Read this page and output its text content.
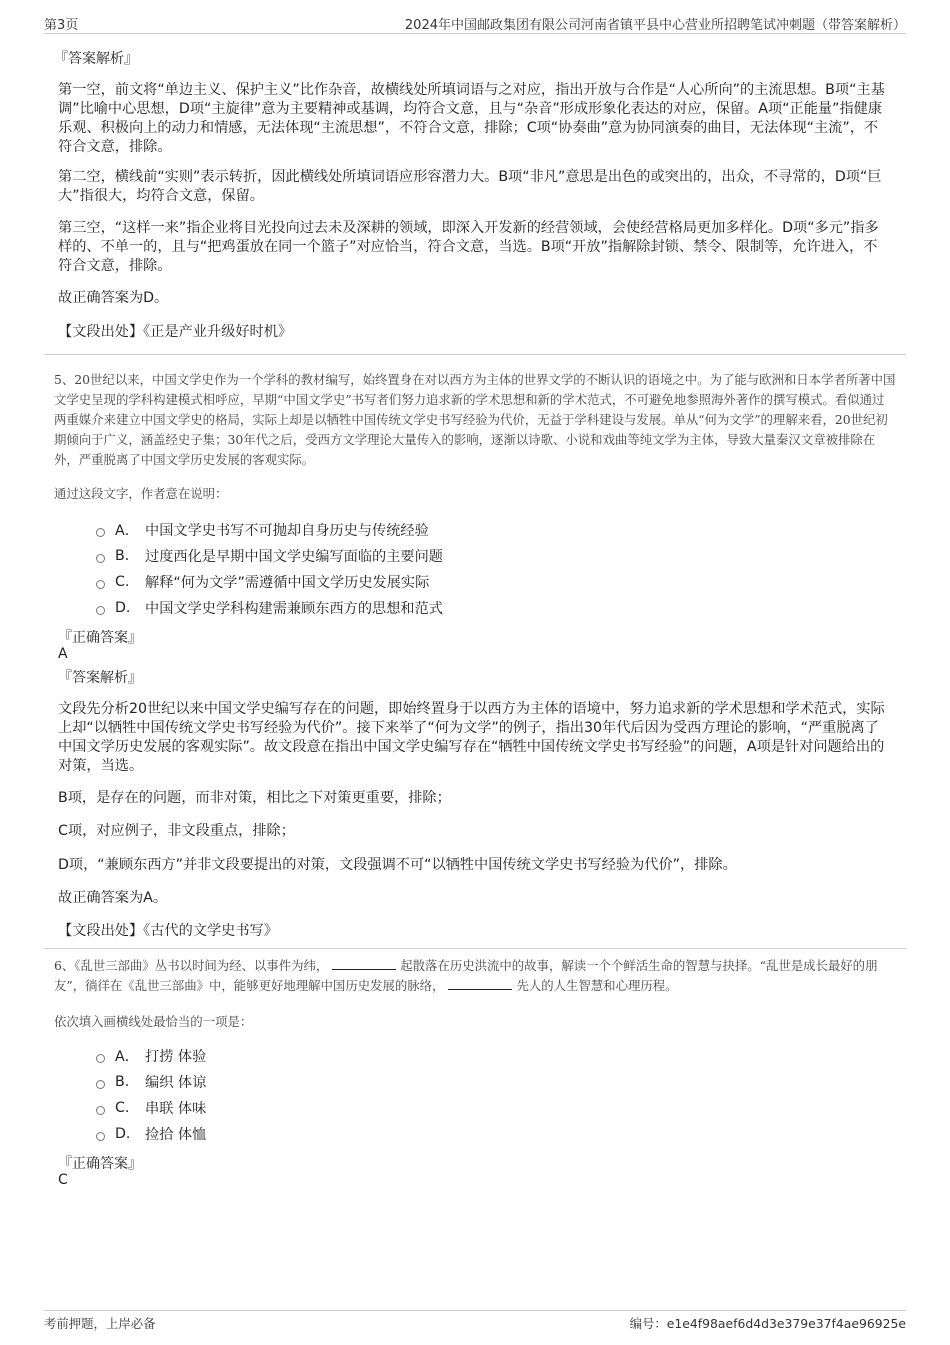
第3页	2024年中国邮政集团有限公司河南省镇平县中心营业所招聘笔试冲刺题（带答案解析）
『答案解析』
第一空，前文将“单边主义、保护主义”比作杂音，故横线处所填词语与之对应，指出开放与合作是“人心所向”的主流思想。B项“主基调”比喻中心思想，D项“主旋律”意为主要精神或基调，均符合文意，且与“杂音”形成形象化表达的对应，保留。A项“正能量”指健康乐观、积极向上的动力和情感，无法体现“主流思想”，不符合文意，排除；C项“协奏曲”意为协同演奏的曲目，无法体现“主流”，不符合文意，排除。
第二空，横线前“实则”表示转折，因此横线处所填词语应形容潜力大。B项“非凡”意思是出色的或突出的，出众，不寻常的，D项“巨大”指很大，均符合文意，保留。
第三空，“这样一来”指企业将目光投向过去未及深耕的领域，即深入开发新的经营领域，会使经营格局更加多样化。D项“多元”指多样的、不单一的，且与“把鸡蛋放在同一个篮子”对应恰当，符合文意，当选。B项“开放”指解除封锁、禁令、限制等，允许进入，不符合文意，排除。
故正确答案为D。
【文段出处】《正是产业升级好时机》
5、20世纪以来，中国文学史作为一个学科的教材编写，始终置身在对以西方为主体的世界文学的不断认识的语境之中。为了能与欧洲和日本学者所著中国文学史呈现的学科构建模式相呼应，早期“中国文学史”书写者们努力追求新的学术思想和新的学术范式，不可避免地参照海外著作的撰写模式。看似通过两重媒介来建立中国文学史的格局，实际上却是以牺牲中国传统文学史书写经验为代价，无益于学科建设与发展。单从“何为文学”的理解来看，20世纪初期倾向于广义，涵盖经史子集；30年代之后，受西方文学理论大量传入的影响，逐渐以诗歌、小说和戏曲等纯文学为主体，导致大量秦汉文章被排除在外，严重脱离了中国文学历史发展的客观实际。
通过这段文字，作者意在说明：
A． 中国文学史书写不可抛却自身历史与传统经验
B.	过度西化是早期中国文学史编写面临的主要问题
C.	解释“何为文学”需遵循中国文学历史发展实际
D.	中国文学史学科构建需兼顾东西方的思想和范式
『正确答案』
A
『答案解析』
文段先分析20世纪以来中国文学史编写存在的问题，即始终置身于以西方为主体的语境中，努力追求新的学术思想和学术范式，实际上却“以牺牲中国传统文学史书写经验为代价”。接下来举了“何为文学”的例子，指出30年代后因为受西方理论的影响，“严重脱离了中国文学历史发展的客观实际”。故文段意在指出中国文学史编写存在“牺牲中国传统文学史书写经验”的问题，A项是针对问题给出的对策，当选。
B项，是存在的问题，而非对策，相比之下对策更重要，排除；
C项，对应例子，非文段重点，排除；
D项，“兼顾东西方”并非文段要提出的对策，文段强调不可“以牺牲中国传统文学史书写经验为代价”，排除。
故正确答案为A。
【文段出处】《古代的文学史书写》
6、《乱世三部曲》丛书以时间为经、以事件为纬，	起散落在历史洪流中的故事，解读一个个鲜活生命的智慧与抉择。“乱世是成长最好的朋友”，徜徉在《乱世三部曲》中，能够更好地理解中国历史发展的脉络，	先人的人生智慧和心理历程。
依次填入画横线处最恰当的一项是：
A． 打捞 体验
B.	编织 体谅
C.	串联 体味
D.	捡拾 体恤
『正确答案』
C
考前押题，上岸必备	编号：e1e4f98aef6d4d3e379e37f4ae96925e
